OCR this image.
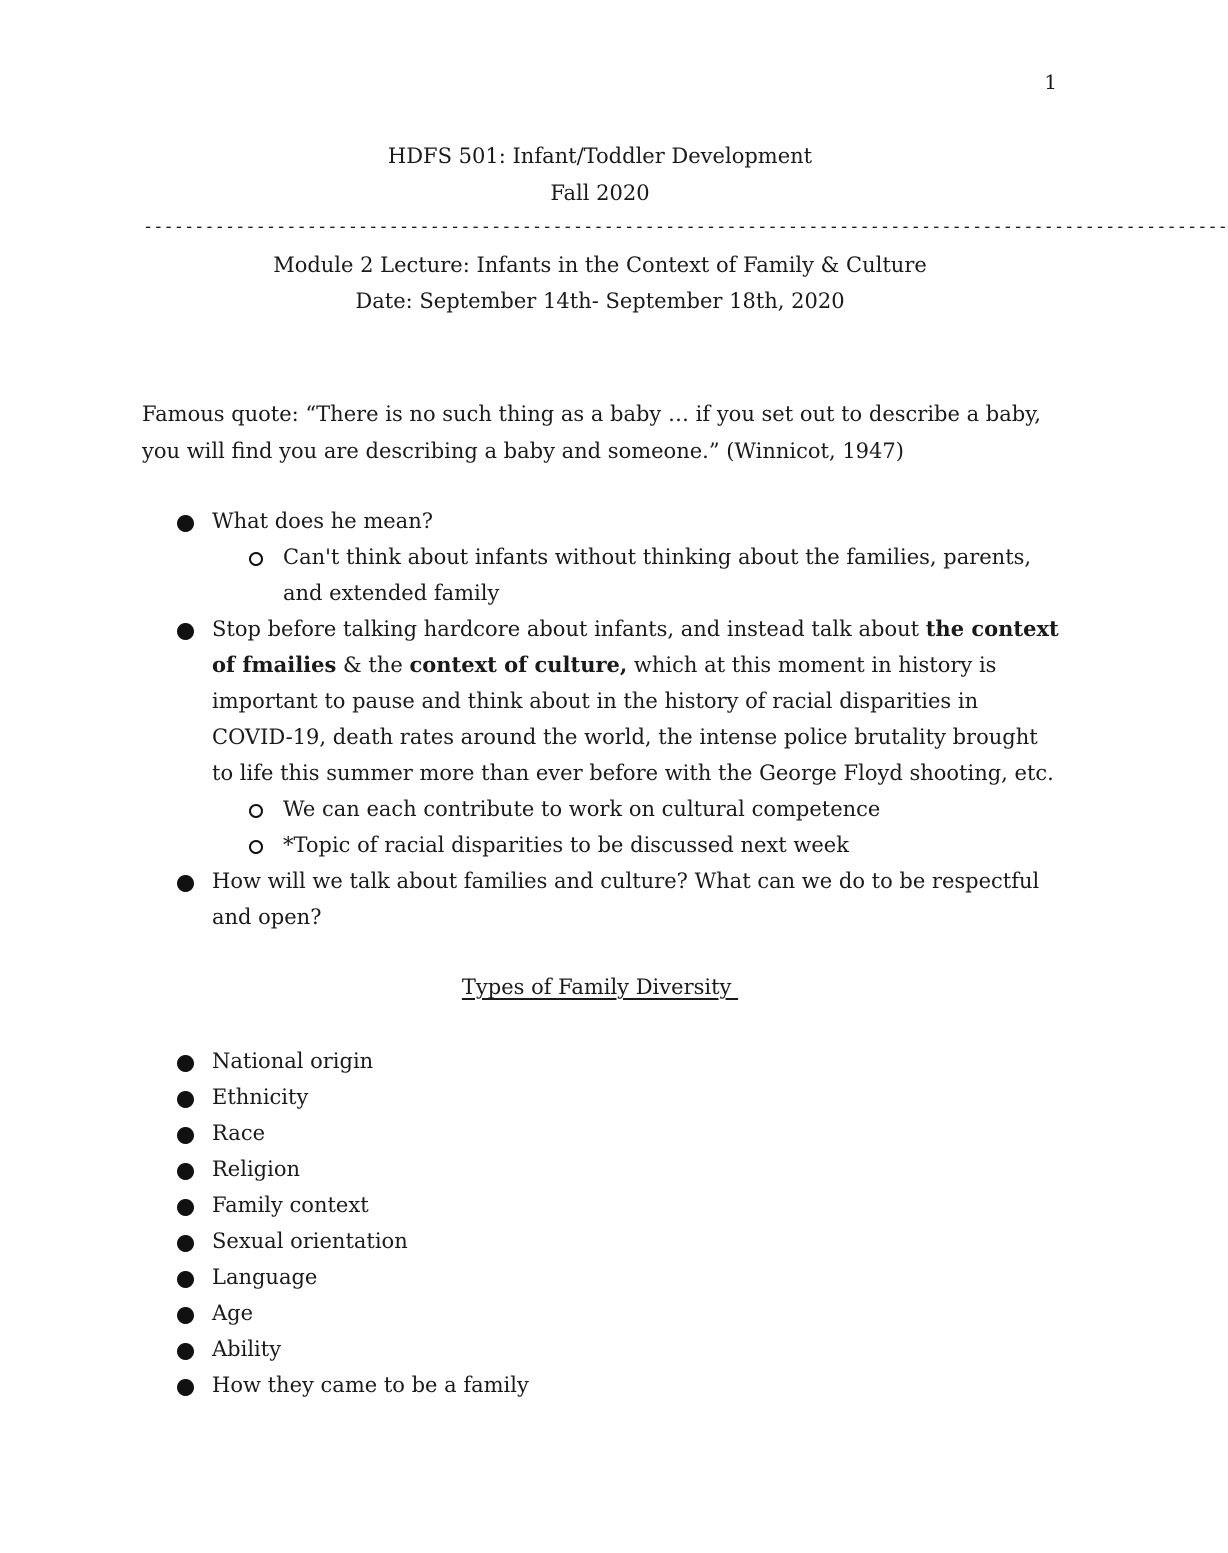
1
HDFS 501: Infant/Toddler Development
Fall 2020
----------------------------------------------------------------------------------------------------------
Module 2 Lecture: Infants in the Context of Family & Culture
Date: September 14th- September 18th, 2020
Famous quote: “There is no such thing as a baby … if you set out to describe a baby, you will find you are describing a baby and someone.” (Winnicot, 1947)
What does he mean?
Can't think about infants without thinking about the families, parents, and extended family
Stop before talking hardcore about infants, and instead talk about the context of fmailies & the context of culture, which at this moment in history is important to pause and think about in the history of racial disparities in COVID-19, death rates around the world, the intense police brutality brought to life this summer more than ever before with the George Floyd shooting, etc.
We can each contribute to work on cultural competence
*Topic of racial disparities to be discussed next week
How will we talk about families and culture? What can we do to be respectful and open?
Types of Family Diversity
National origin
Ethnicity
Race
Religion
Family context
Sexual orientation
Language
Age
Ability
How they came to be a family
